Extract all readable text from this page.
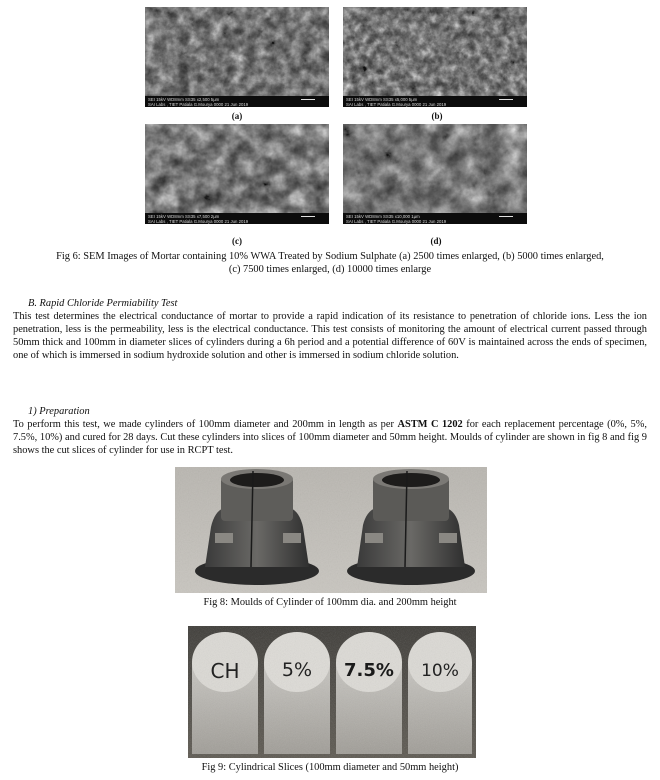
SEI 15kV WD8mm SS35 x2,500 5µm
SAI Labs , TIET Patiala G.Mourya 0000 21 Jun 2019
SEI 15kV WD8mm SS35 x5,000 5µm
SAI Labs , TIET Patiala G.Mourya 0000 21 Jun 2019
(a)	(b)
SEI 15kV WD8mm SS35 x7,500 2µm
SAI Labs , TIET Patiala G.Mourya 0000 21 Jun 2019
SEI 15kV WD8mm SS35 x10,000 1µm
SAI Labs , TIET Patiala G.Mourya 0000 21 Jun 2019
(c)	(d)
Fig 6: SEM Images of Mortar containing 10% WWA Treated by Sodium Sulphate (a) 2500 times enlarged, (b) 5000 times enlarged,
(c) 7500 times enlarged, (d) 10000 times enlarge
B. Rapid Chloride Permiability Test

This test determines the electrical conductance of mortar to provide a rapid indication of its resistance to penetration of chloride ions. Less the ion penetration, less is the permeability, less is the electrical conductance. This test consists of monitoring the amount of electrical current passed through 50mm thick and 100mm in diameter slices of cylinders during a 6h period and a potential difference of 60V is maintained across the ends of specimen, one of which is immersed in sodium hydroxide solution and other is immersed in sodium chloride solution.

1) Preparation

To perform this test, we made cylinders of 100mm diameter and 200mm in length as per ASTM C 1202 for each replacement percentage (0%, 5%, 7.5%, 10%) and cured for 28 days. Cut these cylinders into slices of 100mm diameter and 50mm height. Moulds of cylinder are shown in fig 8 and fig 9 shows the cut slices of cylinder for use in RCPT test.

Fig 8: Moulds of Cylinder of 100mm dia. and 200mm height
CH 5% 7.5% 10%
Fig 9: Cylindrical Slices (100mm diameter and 50mm height)
